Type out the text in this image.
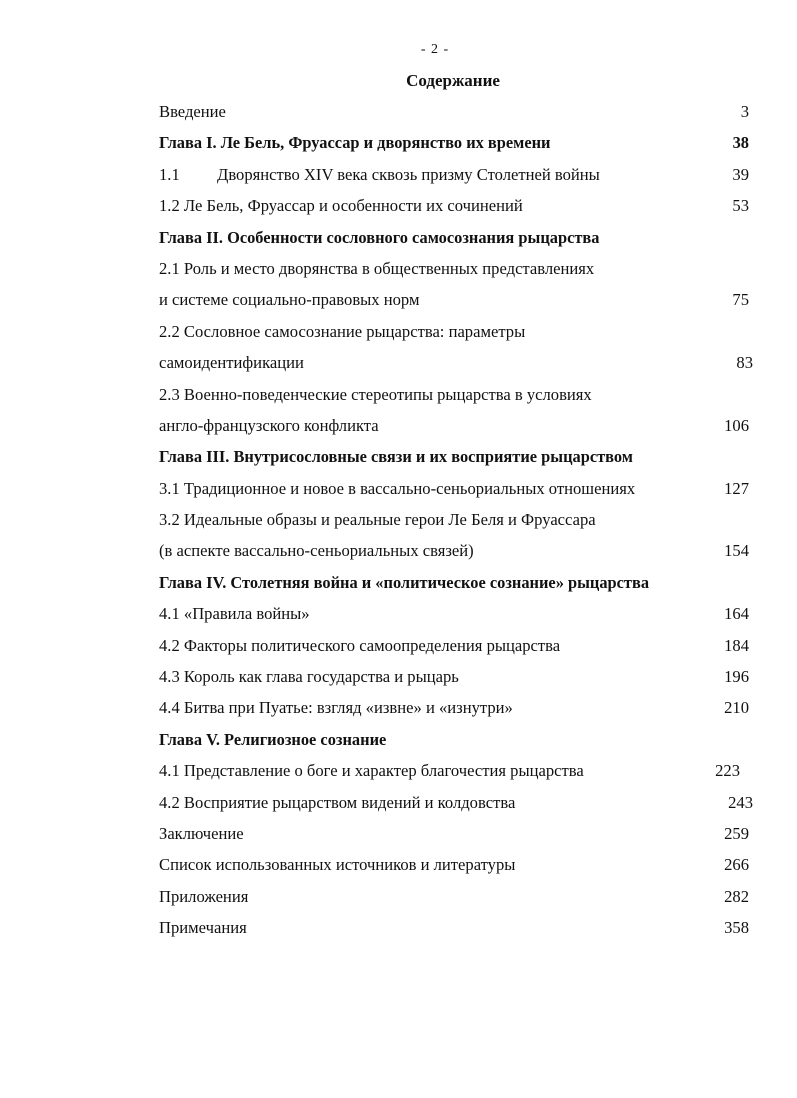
- 2 -
Содержание
Введение	3
Глава I. Ле Бель, Фруассар и дворянство их времени	38
1.1 Дворянство XIV века сквозь призму Столетней войны	39
1.2 Ле Бель, Фруассар и особенности их сочинений	53
Глава II. Особенности сословного самосознания рыцарства
2.1 Роль и место дворянства в общественных представлениях
и системе социально-правовых норм	75
2.2 Сословное самосознание рыцарства: параметры
самоидентификации	83
2.3 Военно-поведенческие стереотипы рыцарства в условиях
англо-французского конфликта	106
Глава III. Внутрисословные связи и их восприятие рыцарством
3.1 Традиционное и новое в вассально-сеньориальных отношениях	127
3.2 Идеальные образы и реальные герои Ле Беля и Фруассара
(в аспекте вассально-сеньориальных связей)	154
Глава IV. Столетняя война и «политическое сознание» рыцарства
4.1 «Правила войны»	164
4.2 Факторы политического самоопределения рыцарства	184
4.3 Король как глава государства и рыцарь	196
4.4 Битва при Пуатье: взгляд «извне» и «изнутри»	210
Глава V. Религиозное сознание
4.1 Представление о боге и характер благочестия рыцарства	223
4.2 Восприятие рыцарством видений и колдовства	243
Заключение	259
Список использованных источников и литературы	266
Приложения	282
Примечания	358
